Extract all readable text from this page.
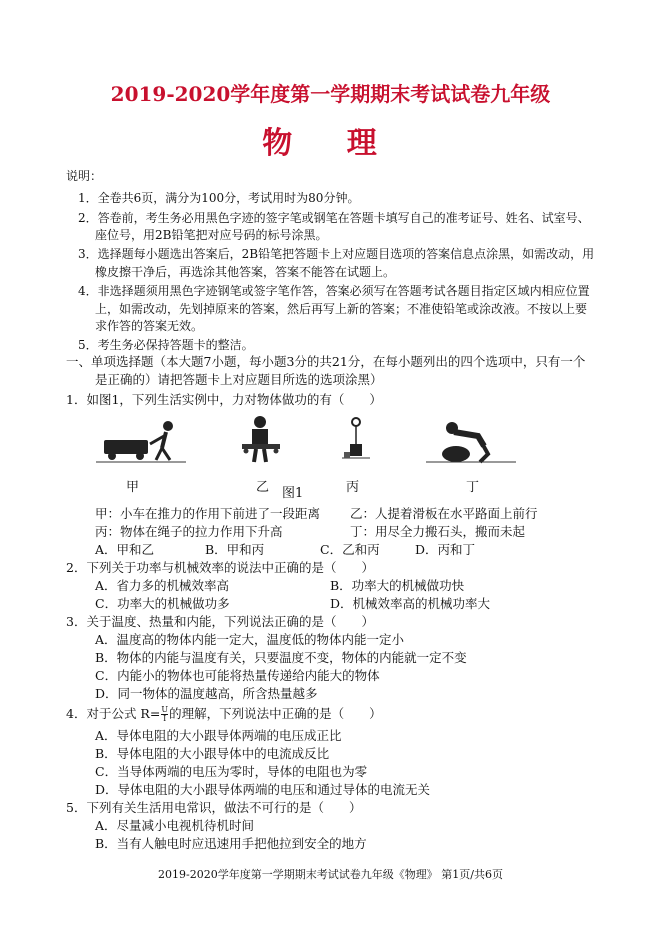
2019-2020学年度第一学期期末考试试卷九年级
物 理
说明：
1．全卷共6页，满分为100分，考试用时为80分钟。
2．答卷前，考生务必用黑色字迹的签字笔或钢笔在答题卡填写自己的准考证号、姓名、试室号、
座位号，用2B铅笔把对应号码的标号涂黑。
3．选择题每小题选出答案后，2B铅笔把答题卡上对应题目选项的答案信息点涂黑，如需改动，用
橡皮擦干净后，再选涂其他答案，答案不能答在试题上。
4．非选择题须用黑色字迹钢笔或签字笔作答，答案必须写在答题考试各题目指定区域内相应位置
上，如需改动，先划掉原来的答案，然后再写上新的答案；不准使铅笔或涂改液。不按以上要
求作答的答案无效。
5．考生务必保持答题卡的整洁。
一、单项选择题（本大题7小题，每小题3分的共21分，在每小题列出的四个选项中，只有一个
是正确的）请把答题卡上对应题目所选的选项涂黑）
1．如图1，下列生活实例中，力对物体做功的有（　　）
甲	乙	丙	丁
图1
甲：小车在推力的作用下前进了一段距离 乙：人提着滑板在水平路面上前行
丙：物体在绳子的拉力作用下升高	丁：用尽全力搬石头，搬而未起
A．甲和乙	B．甲和丙	C．乙和丙	D．丙和丁
2．下列关于功率与机械效率的说法中正确的是（　　）
A．省力多的机械效率高	B．功率大的机械做功快
C．功率大的机械做功多	D．机械效率高的机械功率大
3．关于温度、热量和内能，下列说法正确的是（　　）
A．温度高的物体内能一定大，温度低的物体内能一定小
B．物体的内能与温度有关，只要温度不变，物体的内能就一定不变
C．内能小的物体也可能将热量传递给内能大的物体
D．同一物体的温度越高，所含热量越多
4．对于公式 $R= \frac{U}{I}$ 的理解，下列说法中正确的是（　　）
A．导体电阻的大小跟导体两端的电压成正比
B．导体电阻的大小跟导体中的电流成反比
C．当导体两端的电压为零时，导体的电阻也为零
D．导体电阻的大小跟导体两端的电压和通过导体的电流无关
5．下列有关生活用电常识，做法不可行的是（　　）
A．尽量减小电视机待机时间
B．当有人触电时应迅速用手把他拉到安全的地方
2019-2020学年度第一学期期末考试试卷九年级《物理》 第1页/共6页
